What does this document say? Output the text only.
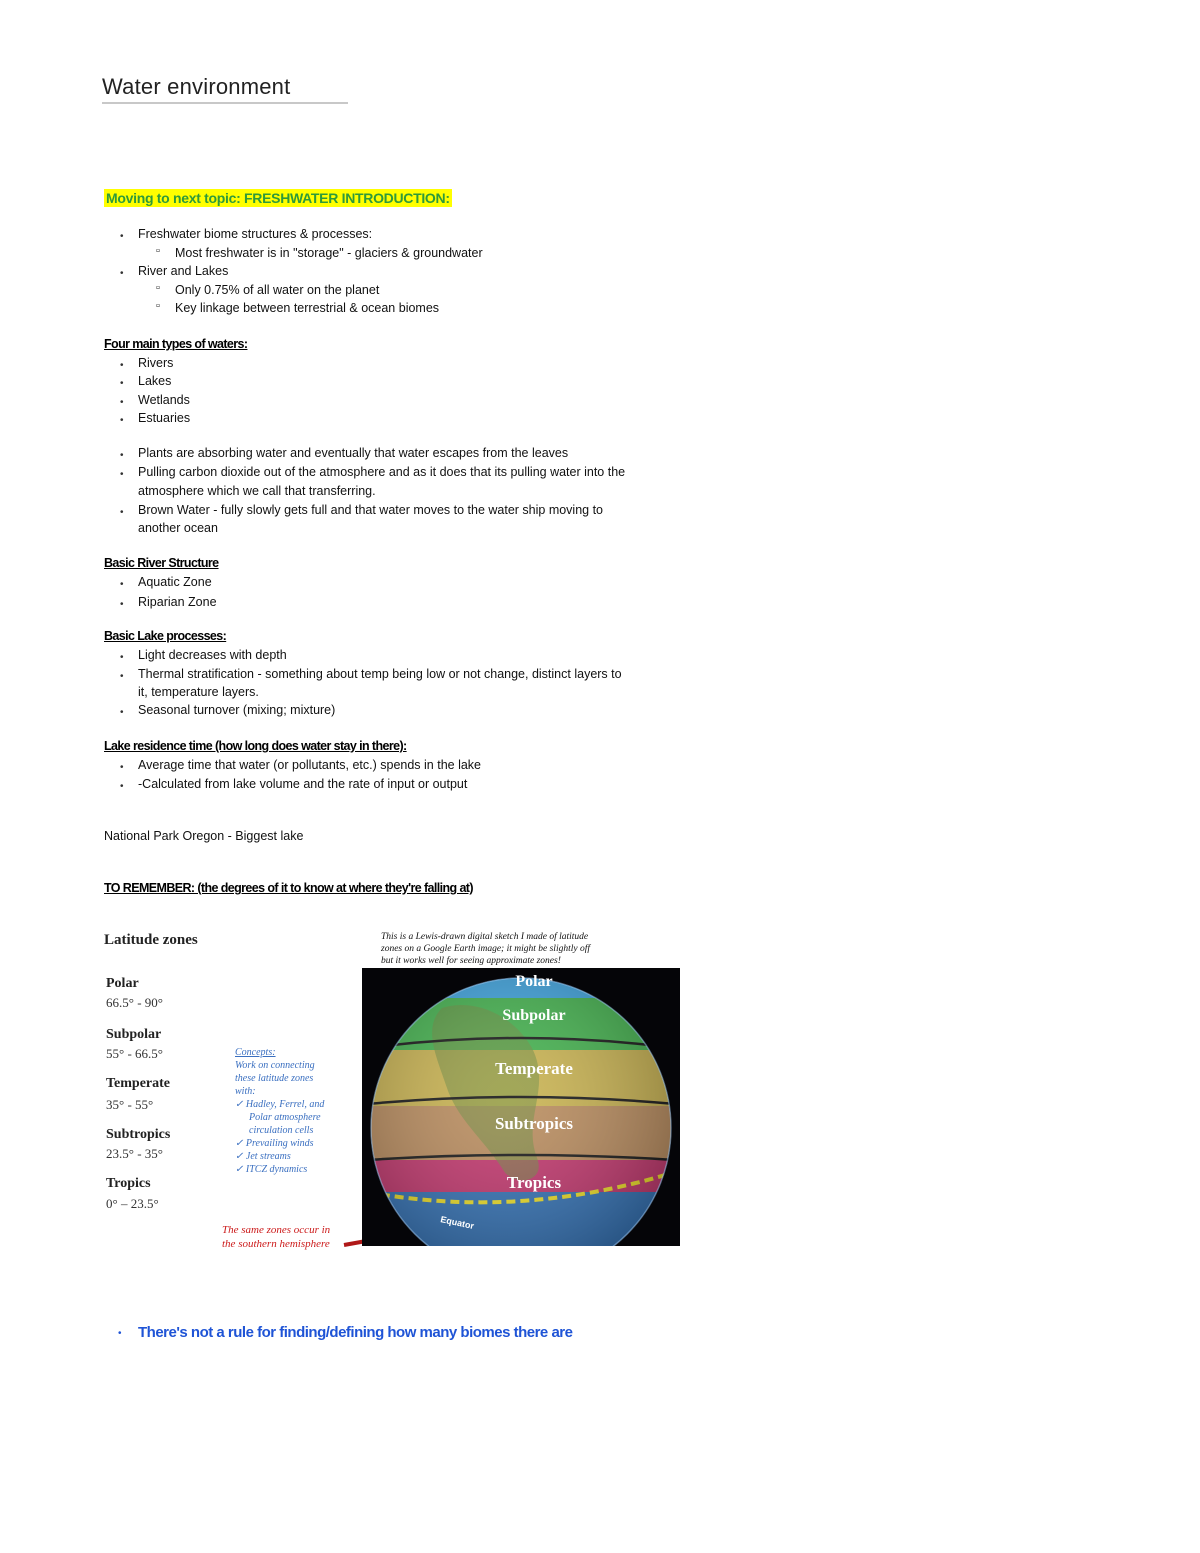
Water environment
Moving to next topic: FRESHWATER INTRODUCTION:
• Freshwater biome structures & processes:
▫ Most freshwater is in "storage" - glaciers & groundwater
• River and Lakes
▫ Only 0.75% of all water on the planet
▫ Key linkage between terrestrial & ocean biomes
Four main types of waters:
• Rivers
• Lakes
• Wetlands
• Estuaries
• Plants are absorbing water and eventually that water escapes from the leaves
• Pulling carbon dioxide out of the atmosphere and as it does that its pulling water into the
atmosphere which we call that transferring.
• Brown Water - fully slowly gets full and that water moves to the water ship moving to
another ocean
Basic River Structure
• Aquatic Zone
• Riparian Zone
Basic Lake processes:
• Light decreases with depth
• Thermal stratification - something about temp being low or not change, distinct layers to
it, temperature layers.
• Seasonal turnover (mixing; mixture)
Lake residence time (how long does water stay in there):
• Average time that water (or pollutants, etc.) spends in the lake
• -Calculated from lake volume and the rate of input or output
National Park Oregon - Biggest lake
TO REMEMBER: (the degrees of it to know at where they're falling at)
Latitude zones
Polar
66.5° - 90°
Subpolar
55° - 66.5°
Temperate
35° - 55°
Subtropics
23.5° - 35°
Tropics
0° – 23.5°
Concepts:
Work on connecting
these latitude zones
with:
✓ Hadley, Ferrel, and
Polar atmosphere
circulation cells
✓ Prevailing winds
✓ Jet streams
✓ ITCZ dynamics
The same zones occur in
the southern hemisphere
This is a Lewis-drawn digital sketch I made of latitude
zones on a Google Earth image; it might be slightly off
but it works well for seeing approximate zones!
Polar
Subpolar
Temperate
Subtropics
Tropics
Equator
• There's not a rule for finding/defining how many biomes there are
